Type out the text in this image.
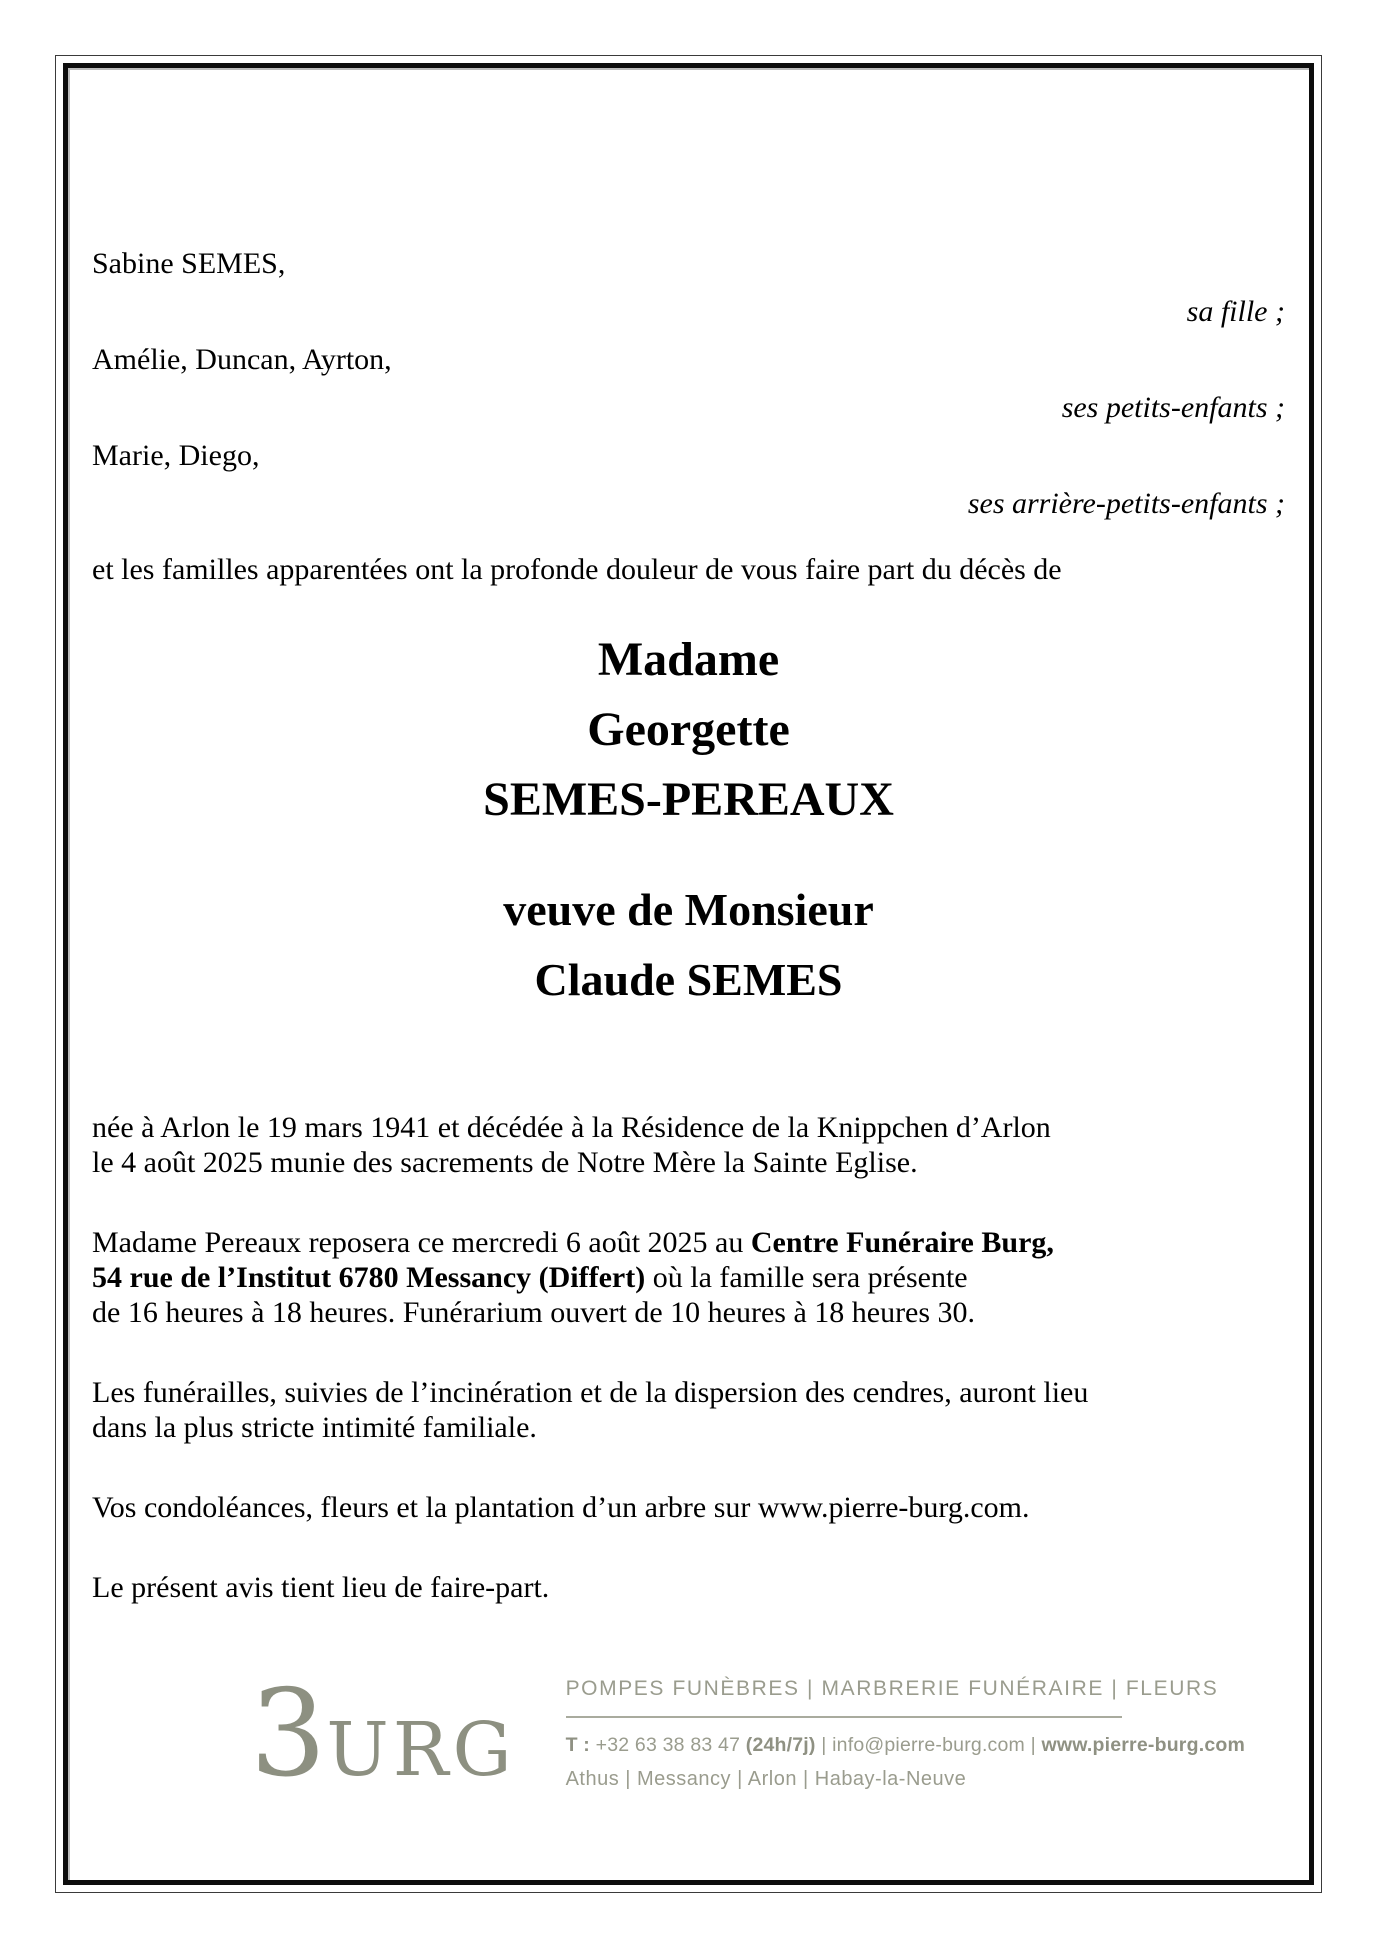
Sabine SEMES,
sa fille ;
Amélie, Duncan, Ayrton,
ses petits-enfants ;
Marie, Diego,
ses arrière-petits-enfants ;
et les familles apparentées ont la profonde douleur de vous faire part du décès de
Madame
Georgette
SEMES-PEREAUX
veuve de Monsieur
Claude SEMES
née à Arlon le 19 mars 1941 et décédée à la Résidence de la Knippchen d’Arlon
le 4 août 2025 munie des sacrements de Notre Mère la Sainte Eglise.
Madame Pereaux reposera ce mercredi 6 août 2025 au Centre Funéraire Burg,
54 rue de l’Institut 6780 Messancy (Differt) où la famille sera présente
de 16 heures à 18 heures. Funérarium ouvert de 10 heures à 18 heures 30.
Les funérailles, suivies de l’incinération et de la dispersion des cendres, auront lieu
dans la plus stricte intimité familiale.
Vos condoléances, fleurs et la plantation d’un arbre sur www.pierre-burg.com.
Le présent avis tient lieu de faire-part.
3URG
POMPES FUNÈBRES | MARBRERIE FUNÉRAIRE | FLEURS
T : +32 63 38 83 47 (24h/7j) | info@pierre-burg.com | www.pierre-burg.com
Athus | Messancy | Arlon | Habay-la-Neuve
